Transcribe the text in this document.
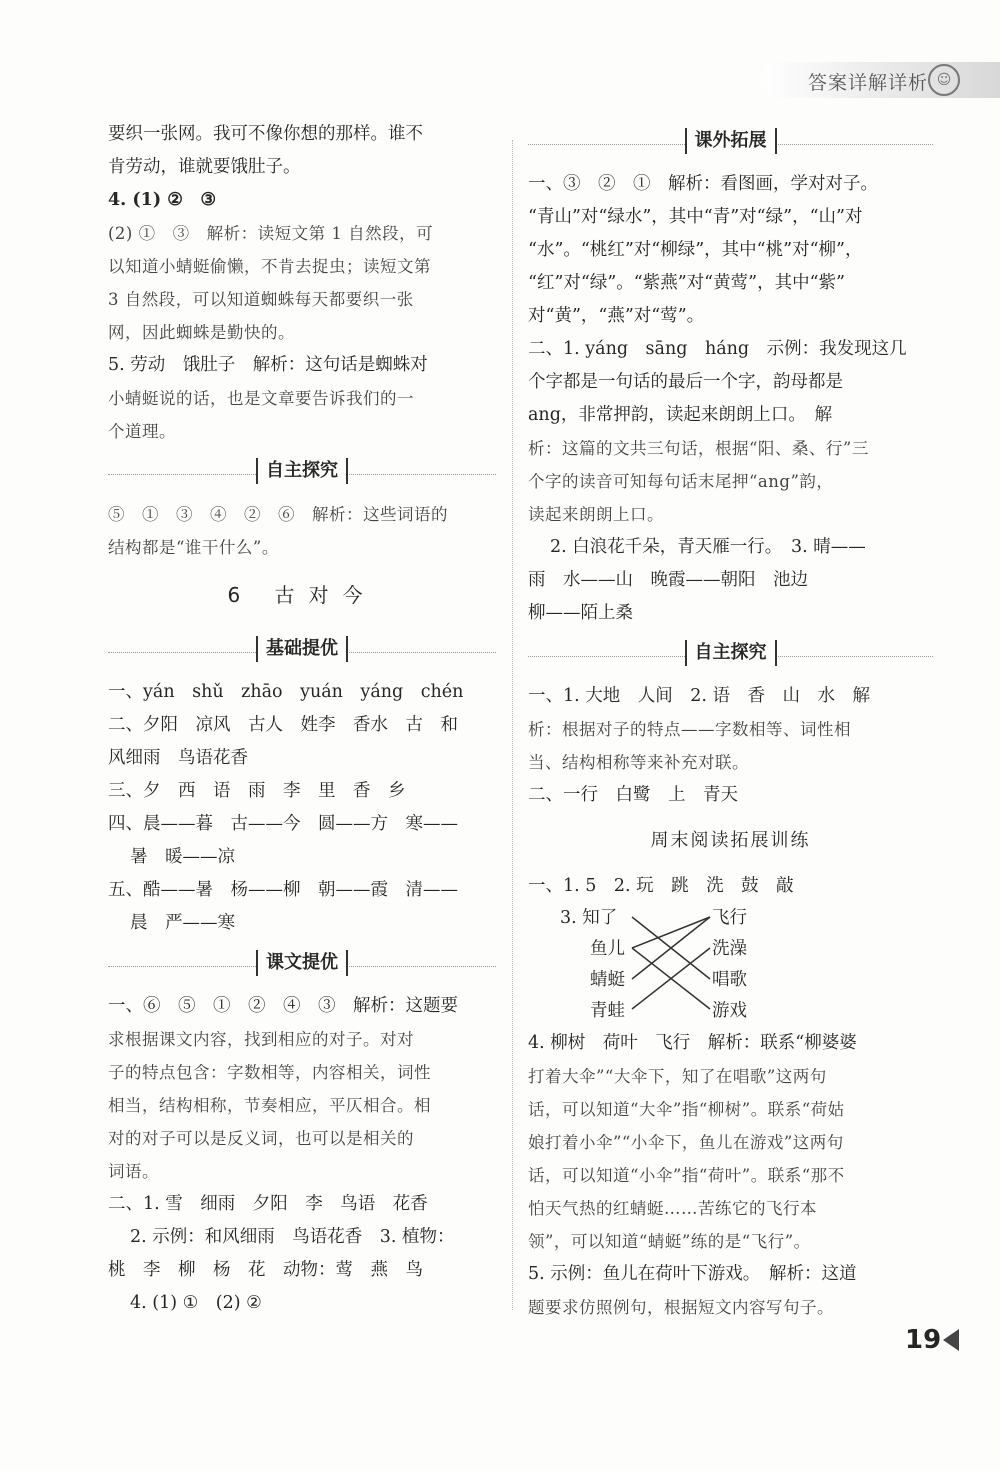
答案详解详析 ☺
要织一张网。我可不像你想的那样。谁不
肯劳动，谁就要饿肚子。
4. (1) ②　③
(2) ①　③　解析：读短文第 1 自然段，可
以知道小蜻蜓偷懒，不肯去捉虫；读短文第
3 自然段，可以知道蜘蛛每天都要织一张
网，因此蜘蛛是勤快的。
5. 劳动　饿肚子　解析：这句话是蜘蛛对
小蜻蜓说的话，也是文章要告诉我们的一
个道理。
自主探究
⑤　①　③　④　②　⑥　解析：这些词语的
结构都是“谁干什么”。
6 古对今
基础提优
一、yán　shǔ　zhāo　yuán　yáng　chén
二、夕阳　凉风　古人　姓李　香水　古　和
风细雨　鸟语花香
三、夕　西　语　雨　李　里　香　乡
四、晨——暮　古——今　圆——方　寒——
暑　暖——凉
五、酷——暑　杨——柳　朝——霞　清——
晨　严——寒
课文提优
一、⑥　⑤　①　②　④　③　解析：这题要
求根据课文内容，找到相应的对子。对对
子的特点包含：字数相等，内容相关，词性
相当，结构相称，节奏相应，平仄相合。相
对的对子可以是反义词，也可以是相关的
词语。
二、1. 雪　细雨　夕阳　李　鸟语　花香
2. 示例：和风细雨　鸟语花香　3. 植物：
桃　李　柳　杨　花　动物：莺　燕　鸟
4. (1) ①　(2) ②
课外拓展
一、③　②　①　解析：看图画，学对对子。
“青山”对“绿水”，其中“青”对“绿”，“山”对
“水”。“桃红”对“柳绿”，其中“桃”对“柳”，
“红”对“绿”。“紫燕”对“黄莺”，其中“紫”
对“黄”，“燕”对“莺”。
二、1. yáng　sāng　háng　示例：我发现这几
个字都是一句话的最后一个字，韵母都是
ang，非常押韵，读起来朗朗上口。　解
析：这篇的文共三句话，根据“阳、桑、行”三
个字的读音可知每句话末尾押“ang”韵，
读起来朗朗上口。
2. 白浪花千朵，青天雁一行。　3. 晴——
雨　水——山　晚霞——朝阳　池边
柳——陌上桑
自主探究
一、1. 大地　人间　2. 语　香　山　水　解
析：根据对子的特点——字数相等、词性相
当、结构相称等来补充对联。
二、一行　白鹭　上　青天
周末阅读拓展训练
一、1. 5　2. 玩　跳　洗　鼓　敲
3. 知了
鱼儿
蜻蜓
青蛙
飞行
洗澡
唱歌
游戏
4. 柳树　荷叶　飞行　解析：联系“柳婆婆
打着大伞”“大伞下，知了在唱歌”这两句
话，可以知道“大伞”指“柳树”。联系“荷姑
娘打着小伞”“小伞下，鱼儿在游戏”这两句
话，可以知道“小伞”指“荷叶”。联系“那不
怕天气热的红蜻蜓……苦练它的飞行本
领”，可以知道“蜻蜓”练的是“飞行”。
5. 示例：鱼儿在荷叶下游戏。　解析：这道
题要求仿照例句，根据短文内容写句子。
19
